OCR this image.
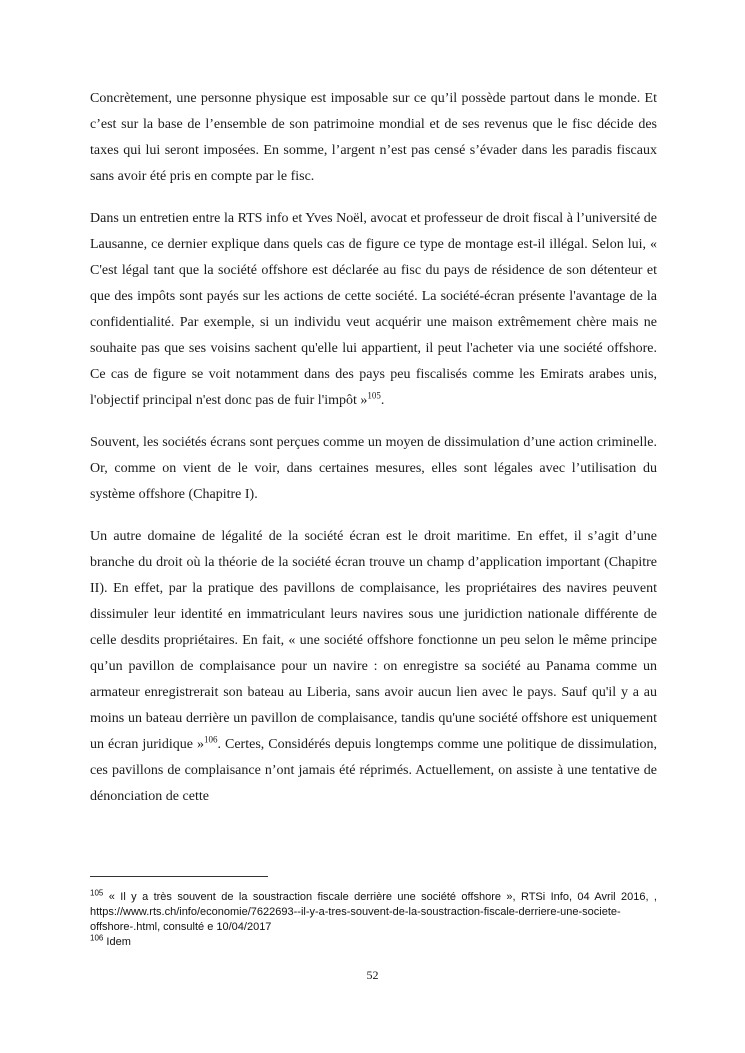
Concrètement, une personne physique est imposable sur ce qu’il possède partout dans le monde. Et c’est sur la base de l’ensemble de son patrimoine mondial et de ses revenus que le fisc décide des taxes qui lui seront imposées. En somme, l’argent n’est pas censé s’évader dans les paradis fiscaux sans avoir été pris en compte par le fisc.

Dans un entretien entre la RTS info et Yves Noël, avocat et professeur de droit fiscal à l’université de Lausanne, ce dernier explique dans quels cas de figure ce type de montage est-il illégal. Selon lui, « C'est légal tant que la société offshore est déclarée au fisc du pays de résidence de son détenteur et que des impôts sont payés sur les actions de cette société. La société-écran présente l'avantage de la confidentialité. Par exemple, si un individu veut acquérir une maison extrêmement chère mais ne souhaite pas que ses voisins sachent qu'elle lui appartient, il peut l'acheter via une société offshore. Ce cas de figure se voit notamment dans des pays peu fiscalisés comme les Emirats arabes unis, l'objectif principal n'est donc pas de fuir l'impôt »$^{105}$.

Souvent, les sociétés écrans sont perçues comme un moyen de dissimulation d’une action criminelle. Or, comme on vient de le voir, dans certaines mesures, elles sont légales avec l’utilisation du système offshore (Chapitre I).

Un autre domaine de légalité de la société écran est le droit maritime. En effet, il s’agit d’une branche du droit où la théorie de la société écran trouve un champ d’application important (Chapitre II). En effet, par la pratique des pavillons de complaisance, les propriétaires des navires peuvent dissimuler leur identité en immatriculant leurs navires sous une juridiction nationale différente de celle desdits propriétaires. En fait, « une société offshore fonctionne un peu selon le même principe qu’un pavillon de complaisance pour un navire : on enregistre sa société au Panama comme un armateur enregistrerait son bateau au Liberia, sans avoir aucun lien avec le pays. Sauf qu'il y a au moins un bateau derrière un pavillon de complaisance, tandis qu'une société offshore est uniquement un écran juridique »$^{106}$. Certes, Considérés depuis longtemps comme une politique de dissimulation, ces pavillons de complaisance n’ont jamais été réprimés. Actuellement, on assiste à une tentative de dénonciation de cette

$^{105}$ « Il y a très souvent de la soustraction fiscale derrière une société offshore », RTSi Info, 04 Avril 2016, , https://www.rts.ch/info/economie/7622693--il-y-a-tres-souvent-de-la-soustraction-fiscale-derriere-une-societe-offshore-.html, consulté e 10/04/2017

$^{106}$ Idem

52
